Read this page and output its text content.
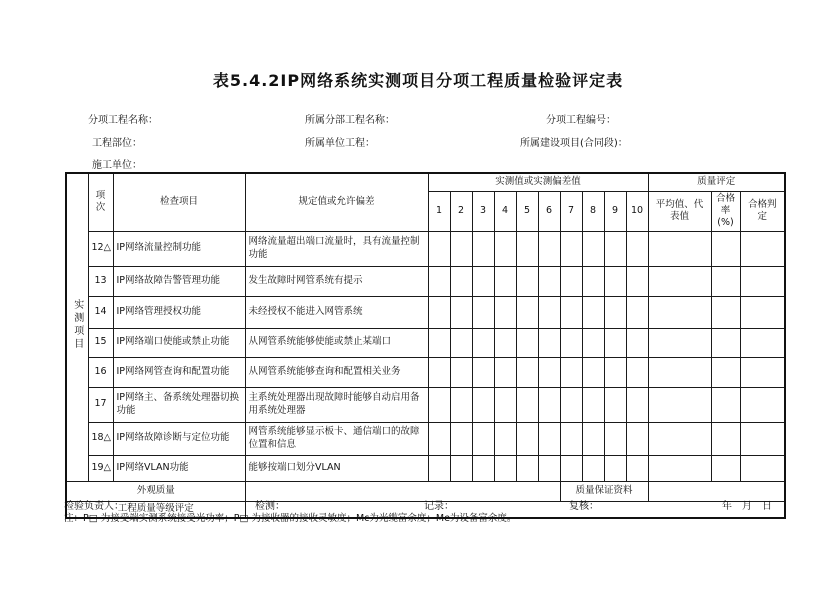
表5.4.2IP网络系统实测项目分项工程质量检验评定表
分项工程名称：	所属分部工程名称：	分项工程编号：
工程部位：	所属单位工程：	所属建设项目(合同段)：
施工单位：
实测项目	项次	检查项目	规定值或允许偏差	实测值或实测偏差值										质量评定		
				1	2	3	4	5	6	7	8	9	10	平均值、代表值	合格率(%)	合格判定
	12△	IP网络流量控制功能	网络流量超出端口流量时，具有流量控制功能													
	13	IP网络故障告警管理功能	发生故障时网管系统有提示													
	14	IP网络管理授权功能	未经授权不能进入网管系统													
	15	IP网络端口使能或禁止功能	从网管系统能够使能或禁止某端口													
	16	IP网络网管查询和配置功能	从网管系统能够查询和配置相关业务													
	17	IP网络主、备系统处理器切换功能	主系统处理器出现故障时能够自动启用备用系统处理器													
	18△	IP网络故障诊断与定位功能	网管系统能够显示板卡、通信端口的故障位置和信息													
	19△	IP网络VLAN功能	能够按端口划分VLAN													
外观质量										质量保证资料						
工程质量等级评定																
检验负责人：	检测：	记录：	复核：	年　月　日
注：P□ 为接受端实测系统接受光功率；P□ 为接收器的接收灵敏度；Mc为光缆富余度；Me为设备富余度。
